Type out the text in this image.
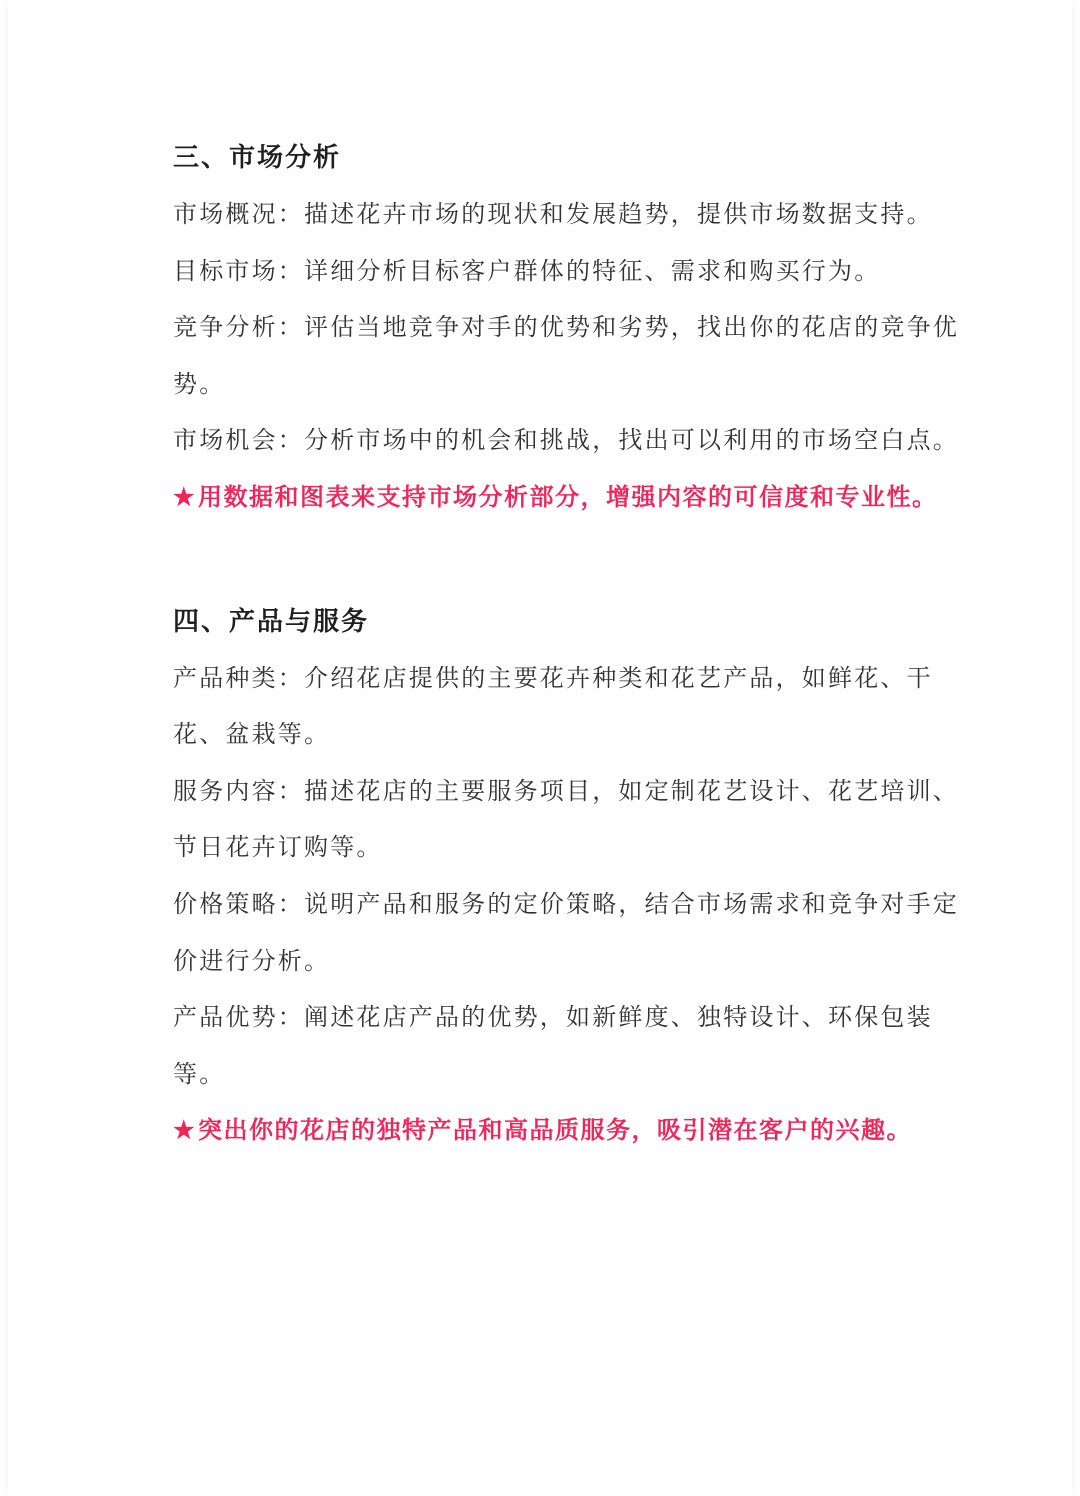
三、市场分析

市场概况：描述花卉市场的现状和发展趋势，提供市场数据支持。

目标市场：详细分析目标客户群体的特征、需求和购买行为。

竞争分析：评估当地竞争对手的优势和劣势，找出你的花店的竞争优势。

市场机会：分析市场中的机会和挑战，找出可以利用的市场空白点。

★用数据和图表来支持市场分析部分，增强内容的可信度和专业性。

四、产品与服务

产品种类：介绍花店提供的主要花卉种类和花艺产品，如鲜花、干花、盆栽等。

服务内容：描述花店的主要服务项目，如定制花艺设计、花艺培训、节日花卉订购等。

价格策略：说明产品和服务的定价策略，结合市场需求和竞争对手定价进行分析。

产品优势：阐述花店产品的优势，如新鲜度、独特设计、环保包装等。

★突出你的花店的独特产品和高品质服务，吸引潜在客户的兴趣。
